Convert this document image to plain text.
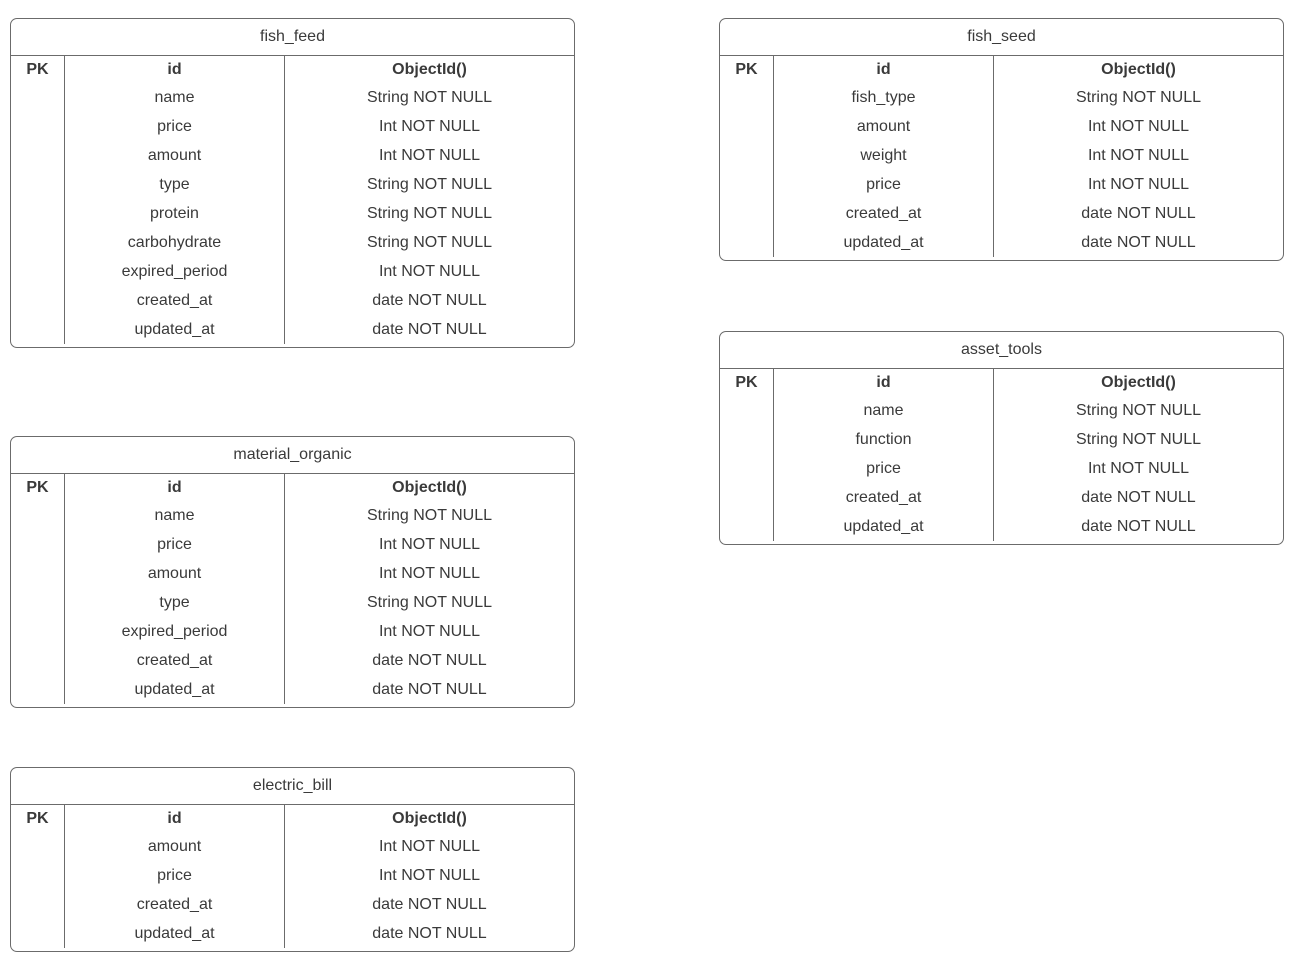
fish_feed
PK	id	ObjectId()
name	String NOT NULL
price	Int NOT NULL
amount	Int NOT NULL
type	String NOT NULL
protein	String NOT NULL
carbohydrate	String NOT NULL
expired_period	Int NOT NULL
created_at	date NOT NULL
updated_at	date NOT NULL
material_organic
PK	id	ObjectId()
name	String NOT NULL
price	Int NOT NULL
amount	Int NOT NULL
type	String NOT NULL
expired_period	Int NOT NULL
created_at	date NOT NULL
updated_at	date NOT NULL
electric_bill
PK	id	ObjectId()
amount	Int NOT NULL
price	Int NOT NULL
created_at	date NOT NULL
updated_at	date NOT NULL
fish_seed
PK	id	ObjectId()
fish_type	String NOT NULL
amount	Int NOT NULL
weight	Int NOT NULL
price	Int NOT NULL
created_at	date NOT NULL
updated_at	date NOT NULL
asset_tools
PK	id	ObjectId()
name	String NOT NULL
function	String NOT NULL
price	Int NOT NULL
created_at	date NOT NULL
updated_at	date NOT NULL
